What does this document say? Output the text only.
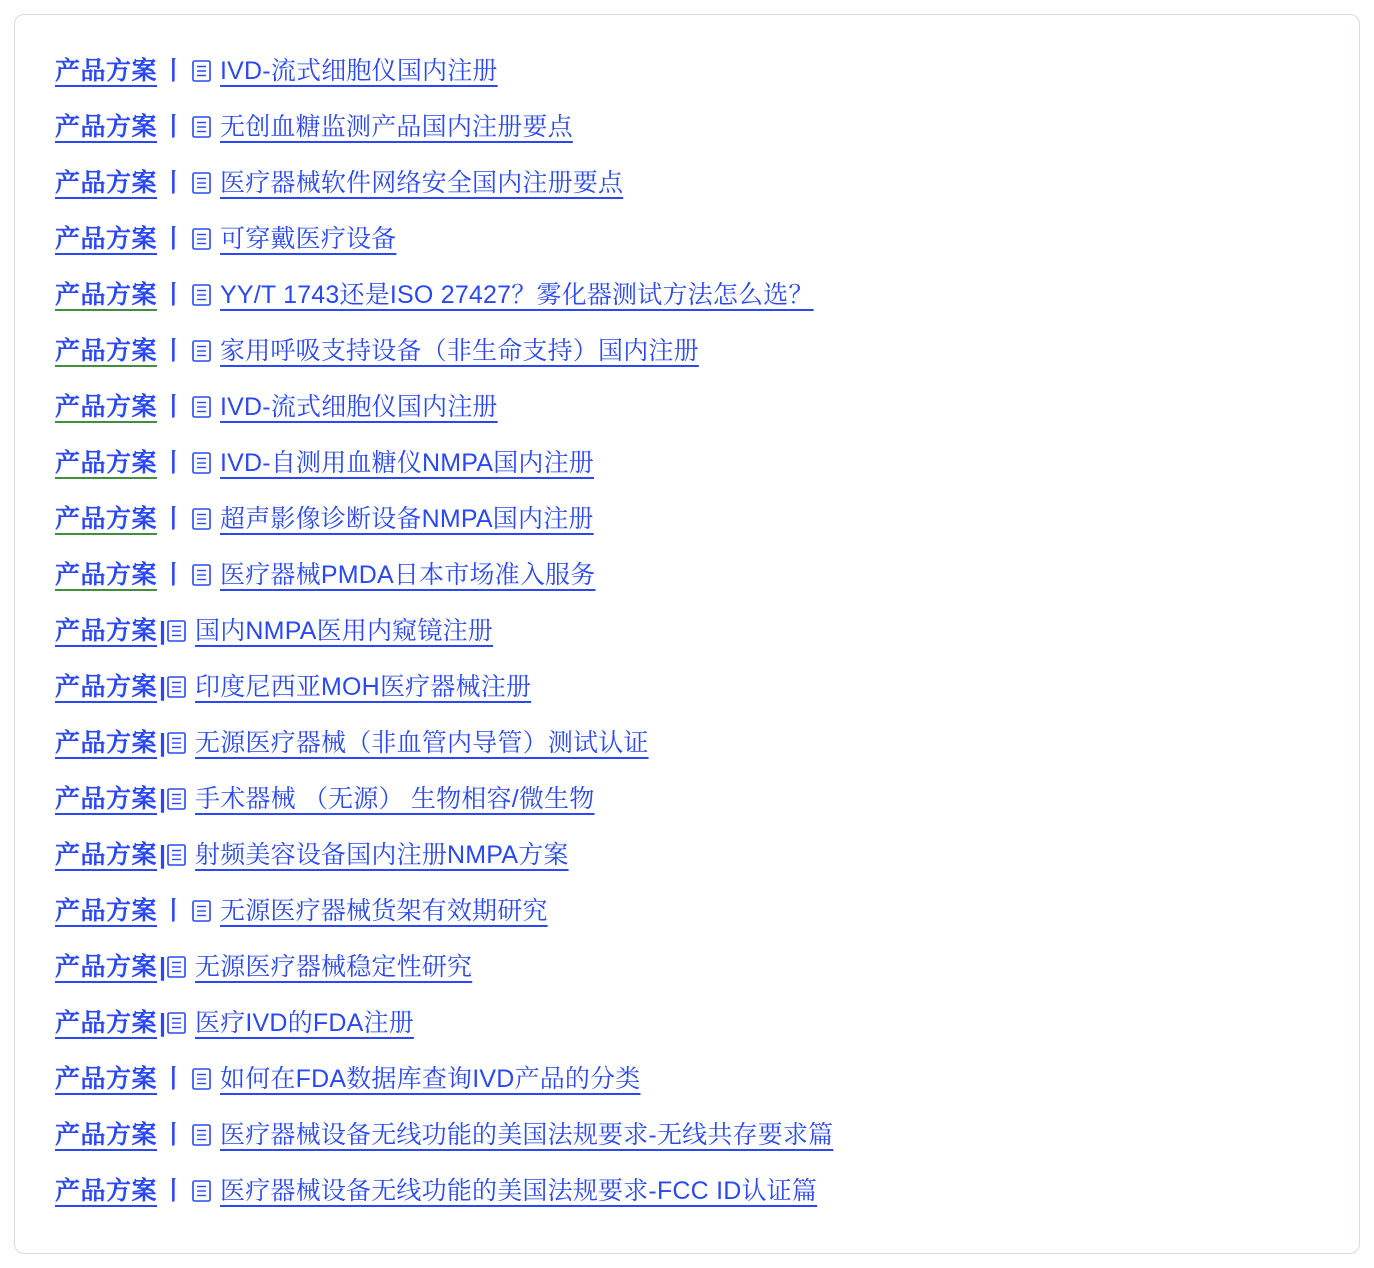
产品方案 丨 IVD-流式细胞仪国内注册
产品方案 丨 无创血糖监测产品国内注册要点
产品方案 丨 医疗器械软件网络安全国内注册要点
产品方案 丨 可穿戴医疗设备
产品方案 丨 YY/T 1743还是ISO 27427？雾化器测试方法怎么选？
产品方案 丨 家用呼吸支持设备（非生命支持）国内注册
产品方案 丨 IVD-流式细胞仪国内注册
产品方案 丨 IVD-自测用血糖仪NMPA国内注册
产品方案 丨 超声影像诊断设备NMPA国内注册
产品方案 丨 医疗器械PMDA日本市场准入服务
产品方案 | 国内NMPA医用内窥镜注册
产品方案 | 印度尼西亚MOH医疗器械注册
产品方案 | 无源医疗器械（非血管内导管）测试认证
产品方案 | 手术器械 （无源） 生物相容/微生物
产品方案 | 射频美容设备国内注册NMPA方案
产品方案 丨 无源医疗器械货架有效期研究
产品方案 | 无源医疗器械稳定性研究
产品方案 | 医疗IVD的FDA注册
产品方案 丨 如何在FDA数据库查询IVD产品的分类
产品方案 丨 医疗器械设备无线功能的美国法规要求-无线共存要求篇
产品方案 丨 医疗器械设备无线功能的美国法规要求-FCC ID认证篇
